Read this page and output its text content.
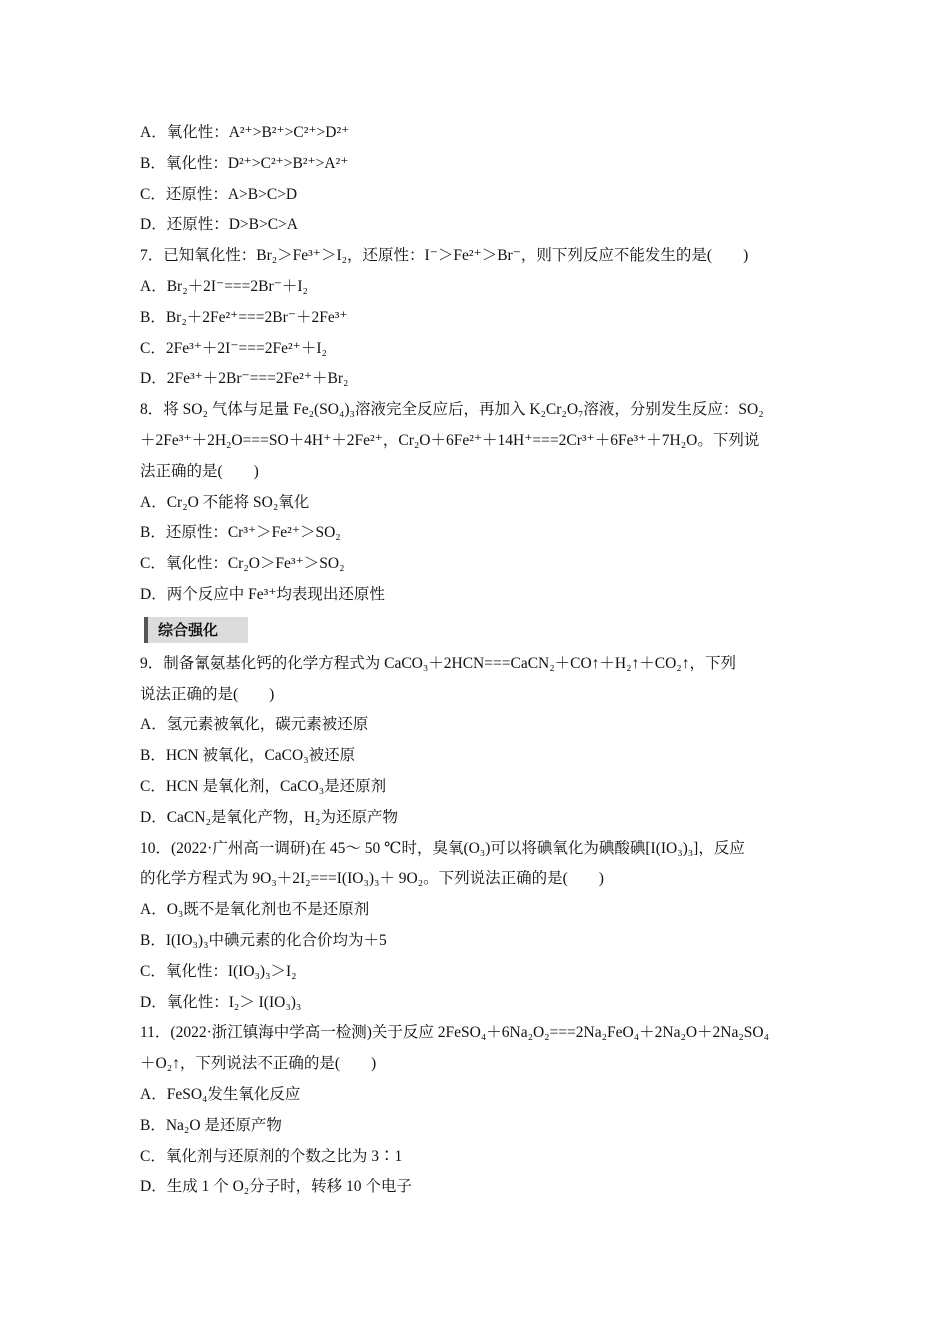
A．氧化性：A²⁺>B²⁺>C²⁺>D²⁺
B．氧化性：D²⁺>C²⁺>B²⁺>A²⁺
C．还原性：A>B>C>D
D．还原性：D>B>C>A
7．已知氧化性：Br₂＞Fe³⁺＞I₂，还原性：I⁻＞Fe²⁺＞Br⁻，则下列反应不能发生的是(　　)
A．Br₂＋2I⁻===2Br⁻＋I₂
B．Br₂＋2Fe²⁺===2Br⁻＋2Fe³⁺
C．2Fe³⁺＋2I⁻===2Fe²⁺＋I₂
D．2Fe³⁺＋2Br⁻===2Fe²⁺＋Br₂
8．将 SO₂ 气体与足量 Fe₂(SO₄)₃溶液完全反应后，再加入 K₂Cr₂O₇溶液，分别发生反应：SO₂
＋2Fe³⁺＋2H₂O===SO＋4H⁺＋2Fe²⁺，Cr₂O＋6Fe²⁺＋14H⁺===2Cr³⁺＋6Fe³⁺＋7H₂O。下列说
法正确的是(　　)
A．Cr₂O 不能将 SO₂氧化
B．还原性：Cr³⁺＞Fe²⁺＞SO₂
C．氧化性：Cr₂O＞Fe³⁺＞SO₂
D．两个反应中 Fe³⁺均表现出还原性
综合强化
9．制备氰氨基化钙的化学方程式为 CaCO₃＋2HCN===CaCN₂＋CO↑＋H₂↑＋CO₂↑，下列
说法正确的是(　　)
A．氢元素被氧化，碳元素被还原
B．HCN 被氧化，CaCO₃被还原
C．HCN 是氧化剂，CaCO₃是还原剂
D．CaCN₂是氧化产物，H₂为还原产物
10．(2022·广州高一调研)在 45～ 50 ℃时，臭氧(O₃)可以将碘氧化为碘酸碘[I(IO₃)₃]，反应
的化学方程式为 9O₃＋2I₂===I(IO₃)₃＋ 9O₂。下列说法正确的是(　　)
A．O₃既不是氧化剂也不是还原剂
B．I(IO₃)₃中碘元素的化合价均为＋5
C．氧化性：I(IO₃)₃＞I₂
D．氧化性：I₂＞ I(IO₃)₃
11．(2022·浙江镇海中学高一检测)关于反应 2FeSO₄＋6Na₂O₂===2Na₂FeO₄＋2Na₂O＋2Na₂SO₄
＋O₂↑，下列说法不正确的是(　　)
A．FeSO₄发生氧化反应
B．Na₂O 是还原产物
C．氧化剂与还原剂的个数之比为 3∶1
D．生成 1 个 O₂分子时，转移 10 个电子
